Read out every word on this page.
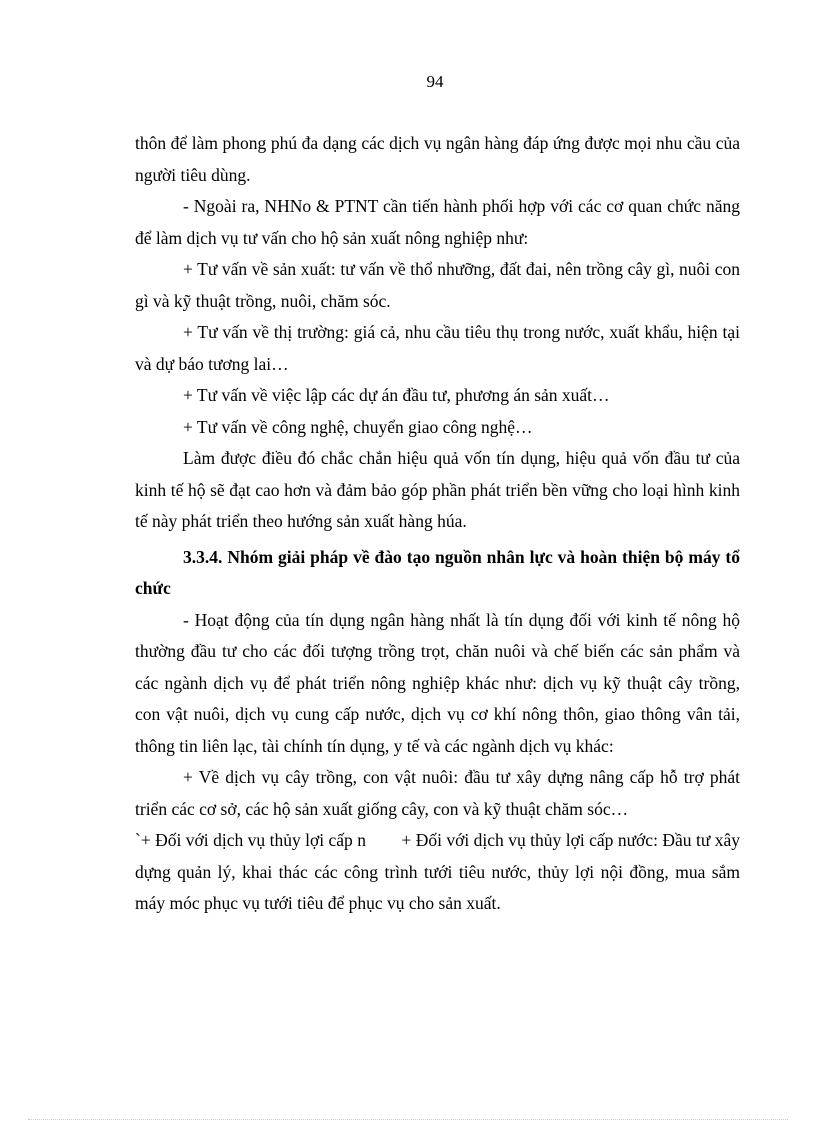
94

thôn để làm phong phú đa dạng các dịch vụ ngân hàng đáp ứng được mọi nhu cầu của người tiêu dùng.

- Ngoài ra, NHNo & PTNT cần tiến hành phối hợp với các cơ quan chức năng để làm dịch vụ tư vấn cho hộ sản xuất nông nghiệp như:

+ Tư vấn về sản xuất: tư vấn về thổ nhưỡng, đất đai, nên trồng cây gì, nuôi con gì và kỹ thuật trồng, nuôi, chăm sóc.

+ Tư vấn về thị trường: giá cả, nhu cầu tiêu thụ trong nước, xuất khẩu, hiện tại và dự báo tương lai…

+ Tư vấn về việc lập các dự án đầu tư, phương án sản xuất…

+ Tư vấn về công nghệ, chuyển giao công nghệ…

Làm được điều đó chắc chắn hiệu quả vốn tín dụng, hiệu quả vốn đầu tư của kinh tế hộ sẽ đạt cao hơn và đảm bảo góp phần phát triển bền vững cho loại hình kinh tế này phát triển theo hướng sản xuất hàng húa.

3.3.4. Nhóm giải pháp về đào tạo nguồn nhân lực và hoàn thiện bộ máy tổ chức

- Hoạt động của tín dụng ngân hàng nhất là tín dụng đối với kinh tế nông hộ thường đầu tư cho các đối tượng trồng trọt, chăn nuôi và chế biến các sản phẩm và các ngành dịch vụ để phát triển nông nghiệp khác như: dịch vụ kỹ thuật cây trồng, con vật nuôi, dịch vụ cung cấp nước, dịch vụ cơ khí nông thôn, giao thông vân tải, thông tin liên lạc, tài chính tín dụng, y tế và các ngành dịch vụ khác:

+ Về dịch vụ cây trồng, con vật nuôi: đầu tư xây dựng nâng cấp hỗ trợ phát triển các cơ sở, các hộ sản xuất giống cây, con và kỹ thuật chăm sóc…

`+ Đối với dịch vụ thủy lợi cấp n        + Đối với dịch vụ thủy lợi cấp nước: Đầu tư xây dựng quản lý, khai thác các công trình tưới tiêu nước, thủy lợi nội đồng, mua sắm máy móc phục vụ tưới tiêu để phục vụ cho sản xuất.
